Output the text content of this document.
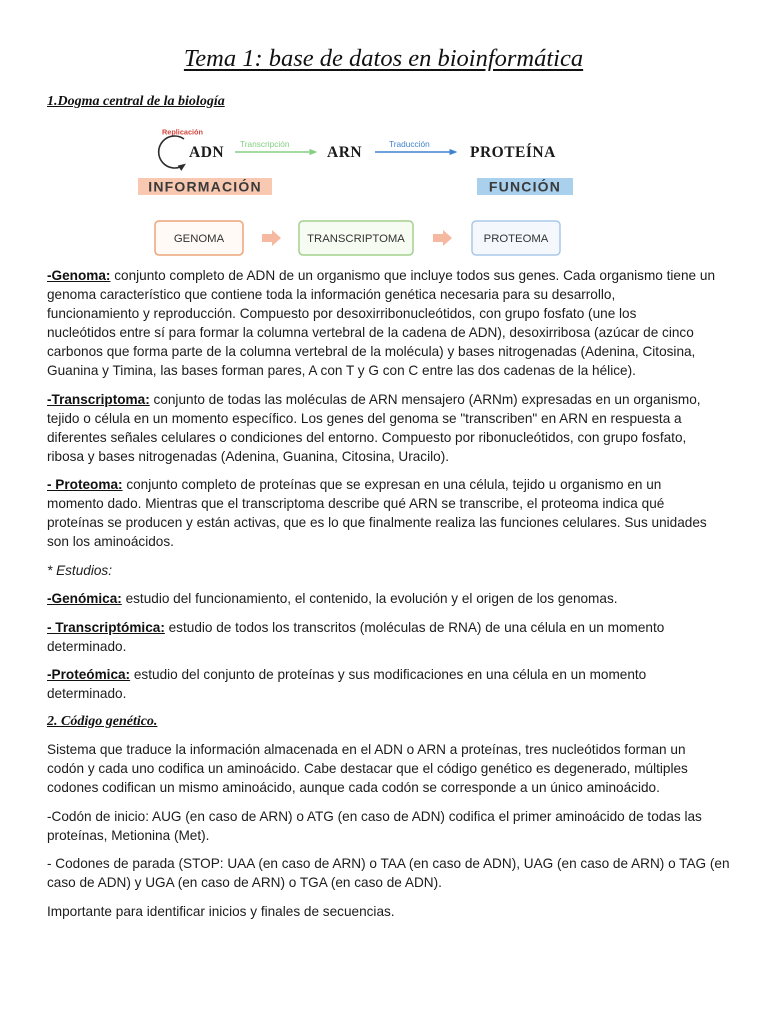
Tema 1: base de datos en bioinformática
1.Dogma central de la biología
Replicación
ADN Transcripción ARN	Traducción	PROTEÍNA
INFORMACIÓN	FUNCIÓN
GENOMA	TRANSCRIPTOMA	PROTEOMA
-Genoma: conjunto completo de ADN de un organismo que incluye todos sus genes. Cada organismo tiene un
genoma característico que contiene toda la información genética necesaria para su desarrollo,
funcionamiento y reproducción. Compuesto por desoxirribonucleótidos, con grupo fosfato (une los
nucleótidos entre sí para formar la columna vertebral de la cadena de ADN), desoxirribosa (azúcar de cinco
carbonos que forma parte de la columna vertebral de la molécula) y bases nitrogenadas (Adenina, Citosina,
Guanina y Timina, las bases forman pares, A con T y G con C entre las dos cadenas de la hélice).
-Transcriptoma: conjunto de todas las moléculas de ARN mensajero (ARNm) expresadas en un organismo,
tejido o célula en un momento específico. Los genes del genoma se "transcriben" en ARN en respuesta a
diferentes señales celulares o condiciones del entorno. Compuesto por ribonucleótidos, con grupo fosfato,
ribosa y bases nitrogenadas (Adenina, Guanina, Citosina, Uracilo).
- Proteoma: conjunto completo de proteínas que se expresan en una célula, tejido u organismo en un
momento dado. Mientras que el transcriptoma describe qué ARN se transcribe, el proteoma indica qué
proteínas se producen y están activas, que es lo que finalmente realiza las funciones celulares. Sus unidades
son los aminoácidos.
* Estudios:
-Genómica: estudio del funcionamiento, el contenido, la evolución y el origen de los genomas.
- Transcriptómica: estudio de todos los transcritos (moléculas de RNA) de una célula en un momento
determinado.
-Proteómica: estudio del conjunto de proteínas y sus modificaciones en una célula en un momento
determinado.
2. Código genético.
Sistema que traduce la información almacenada en el ADN o ARN a proteínas, tres nucleótidos forman un
codón y cada uno codifica un aminoácido. Cabe destacar que el código genético es degenerado, múltiples
codones codifican un mismo aminoácido, aunque cada codón se corresponde a un único aminoácido.
-Codón de inicio: AUG (en caso de ARN) o ATG (en caso de ADN) codifica el primer aminoácido de todas las
proteínas, Metionina (Met).
- Codones de parada (STOP: UAA (en caso de ARN) o TAA (en caso de ADN), UAG (en caso de ARN) o TAG (en
caso de ADN) y UGA (en caso de ARN) o TGA (en caso de ADN).
Importante para identificar inicios y finales de secuencias.
